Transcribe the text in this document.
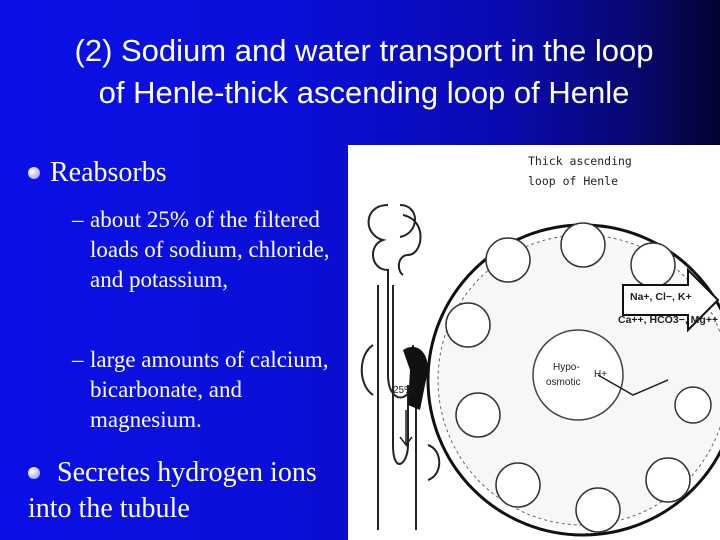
(2) Sodium and water transport in the loop
of Henle-thick ascending loop of Henle
Reabsorbs
– about 25% of the filtered loads of sodium, chloride, and potassium,
– large amounts of calcium, bicarbonate, and magnesium.
Secretes hydrogen ions into the tubule
Thick ascending
loop of Henle
25%
Hypo-
osmotic
H+
Na+, Cl−, K+
Ca++, HCO3−, Mg++
